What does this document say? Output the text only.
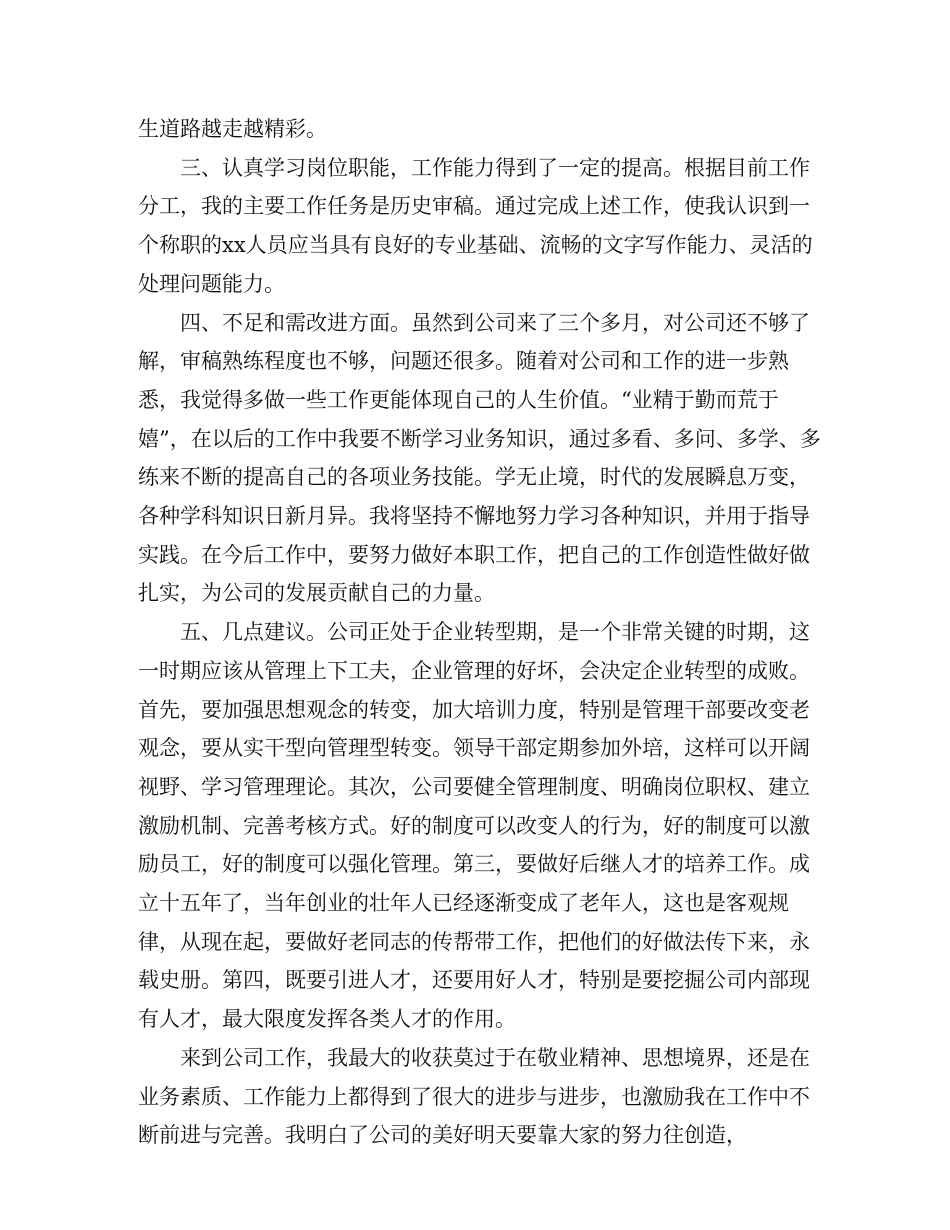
生道路越走越精彩。

三、认真学习岗位职能，工作能力得到了一定的提高。根据目前工作分工，我的主要工作任务是历史审稿。通过完成上述工作，使我认识到一个称职的xx人员应当具有良好的专业基础、流畅的文字写作能力、灵活的处理问题能力。

四、不足和需改进方面。虽然到公司来了三个多月，对公司还不够了解，审稿熟练程度也不够，问题还很多。随着对公司和工作的进一步熟悉，我觉得多做一些工作更能体现自己的人生价值。“业精于勤而荒于嬉”，在以后的工作中我要不断学习业务知识，通过多看、多问、多学、多练来不断的提高自己的各项业务技能。学无止境，时代的发展瞬息万变，各种学科知识日新月异。我将坚持不懈地努力学习各种知识，并用于指导实践。在今后工作中，要努力做好本职工作，把自己的工作创造性做好做扎实，为公司的发展贡献自己的力量。

五、几点建议。公司正处于企业转型期，是一个非常关键的时期，这一时期应该从管理上下工夫，企业管理的好坏，会决定企业转型的成败。首先，要加强思想观念的转变，加大培训力度，特别是管理干部要改变老观念，要从实干型向管理型转变。领导干部定期参加外培，这样可以开阔视野、学习管理理论。其次，公司要健全管理制度、明确岗位职权、建立激励机制、完善考核方式。好的制度可以改变人的行为，好的制度可以激励员工，好的制度可以强化管理。第三，要做好后继人才的培养工作。成立十五年了，当年创业的壮年人已经逐渐变成了老年人，这也是客观规律，从现在起，要做好老同志的传帮带工作，把他们的好做法传下来，永载史册。第四，既要引进人才，还要用好人才，特别是要挖掘公司内部现有人才，最大限度发挥各类人才的作用。

来到公司工作，我最大的收获莫过于在敬业精神、思想境界，还是在业务素质、工作能力上都得到了很大的进步与进步，也激励我在工作中不断前进与完善。我明白了公司的美好明天要靠大家的努力往创造，
